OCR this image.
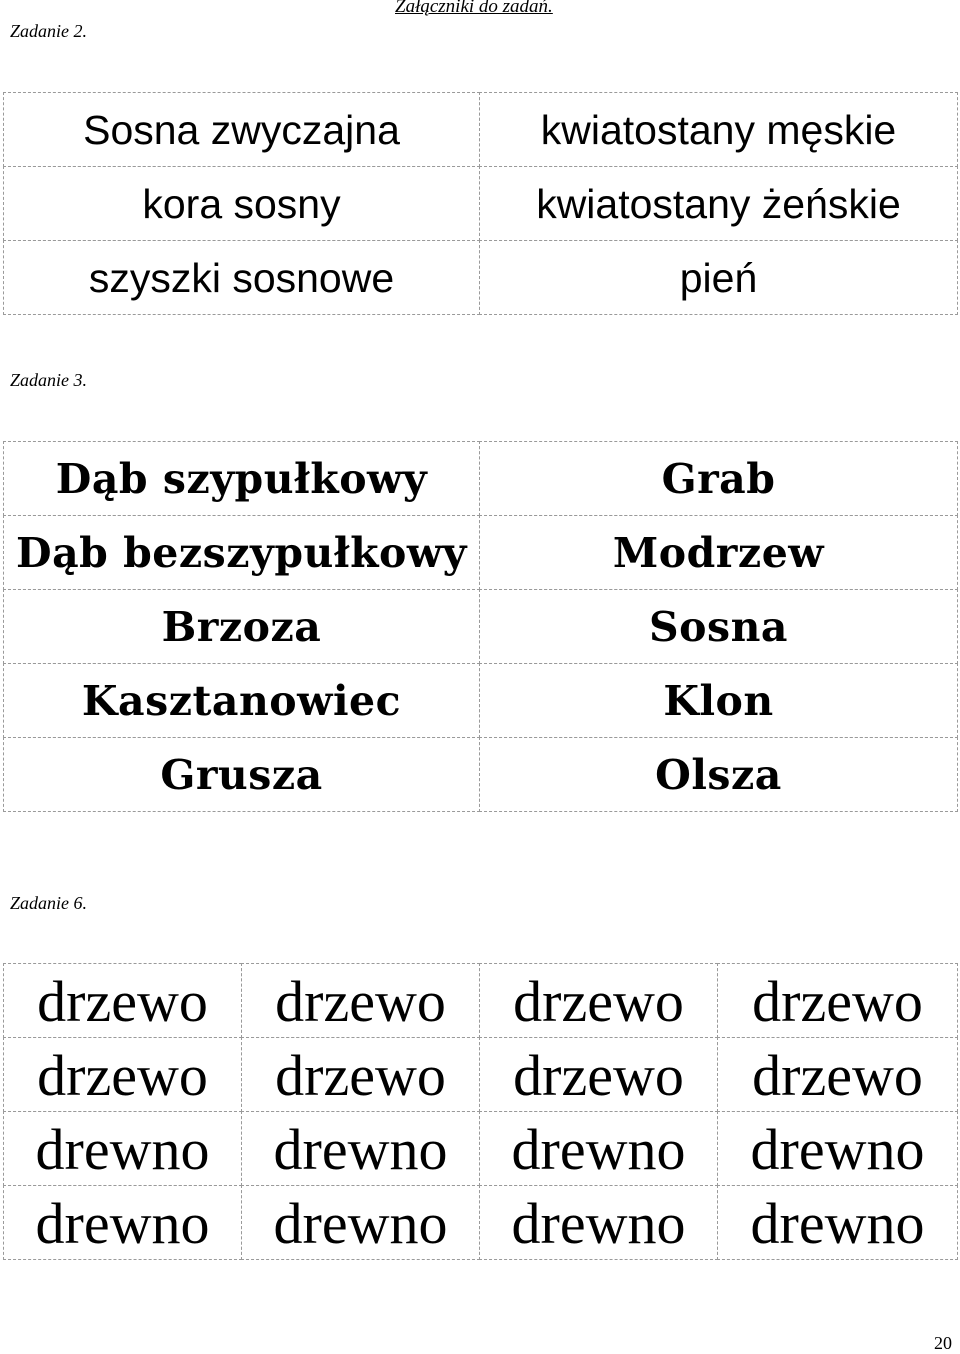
Zadanie 2.
Załączniki do zadań.
Sosna zwyczajna	kwiatostany męskie
kora sosny	kwiatostany żeńskie
szyszki sosnowe	pień
Zadanie 3.
Dąb szypułkowy	Grab
Dąb bezszypułkowy	Modrzew
Brzoza	Sosna
Kasztanowiec	Klon
Grusza	Olsza
Zadanie 6.
drzewo	drzewo	drzewo	drzewo
drzewo	drzewo	drzewo	drzewo
drewno	drewno	drewno	drewno
drewno	drewno	drewno	drewno
20
